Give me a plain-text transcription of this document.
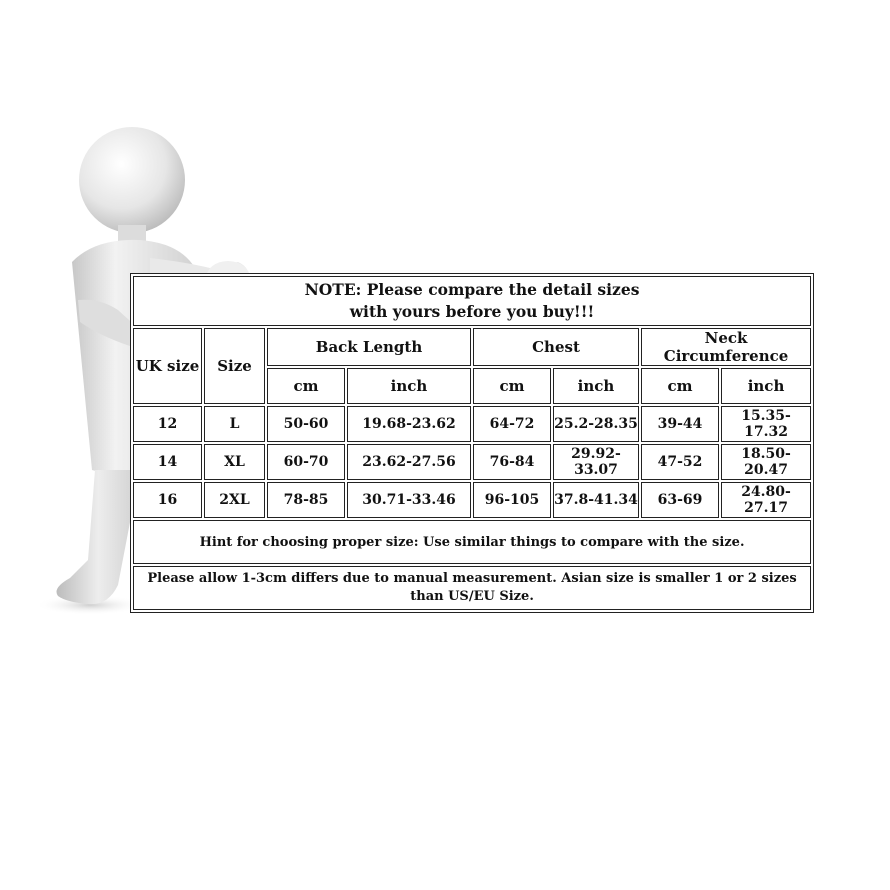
NOTE: Please compare the detail sizes
with yours before you buy!!!							

UK size	Size	Back Length		Chest		Neck Circumference	
		cm	inch	cm	inch	cm	inch
12	L	50-60	19.68-23.62	64-72	25.2-28.35	39-44	15.35-17.32
14	XL	60-70	23.62-27.56	76-84	29.92-33.07	47-52	18.50-20.47
16	2XL	78-85	30.71-33.46	96-105	37.8-41.34	63-69	24.80-27.17
Hint for choosing proper size: Use similar things to compare with the size.							
Please allow 1-3cm differs due to manual measurement. Asian size is smaller 1 or 2 sizes than US/EU Size.							
